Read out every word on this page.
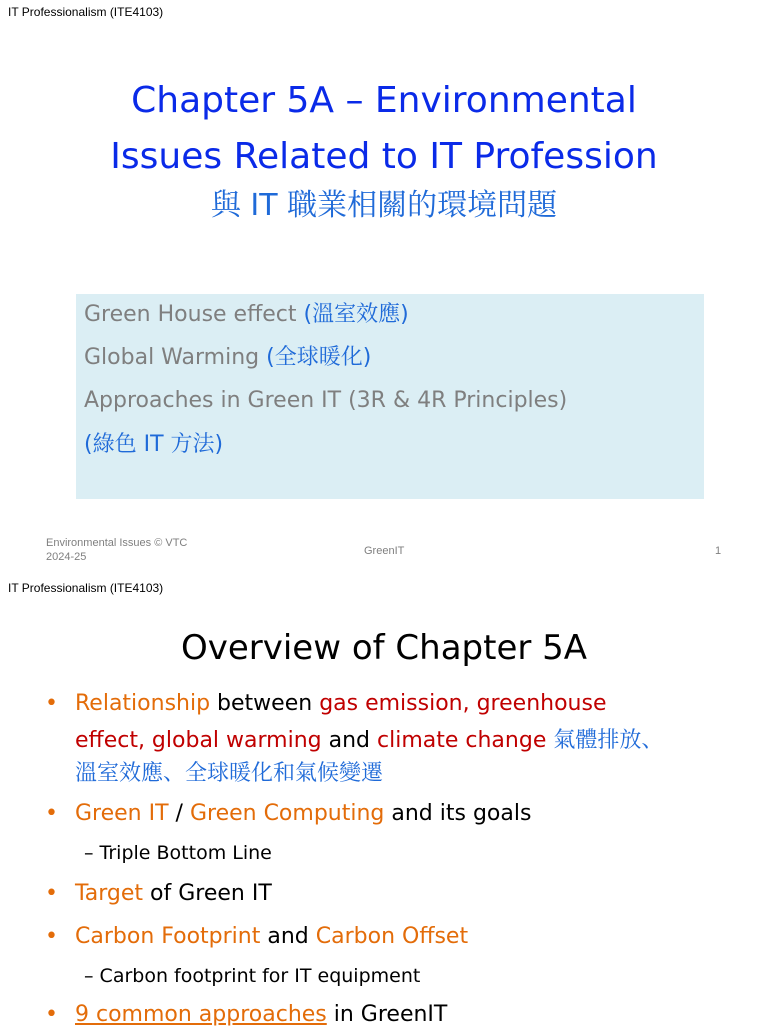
IT Professionalism (ITE4103)
Chapter 5A – Environmental
Issues Related to IT Profession
與 IT 職業相關的環境問題
Green House effect (溫室效應)
Global Warming (全球暖化)
Approaches in Green IT (3R & 4R Principles)
(綠色 IT 方法)
Environmental Issues © VTC
2024-25	GreenIT	1
IT Professionalism (ITE4103)
Overview of Chapter 5A
• Relationship between gas emission, greenhouse
effect, global warming and climate change 氣體排放、
溫室效應、全球暖化和氣候變遷
• Green IT / Green Computing and its goals
– Triple Bottom Line
• Target of Green IT
• Carbon Footprint and Carbon Offset
– Carbon footprint for IT equipment
• 9 common approaches in GreenIT
